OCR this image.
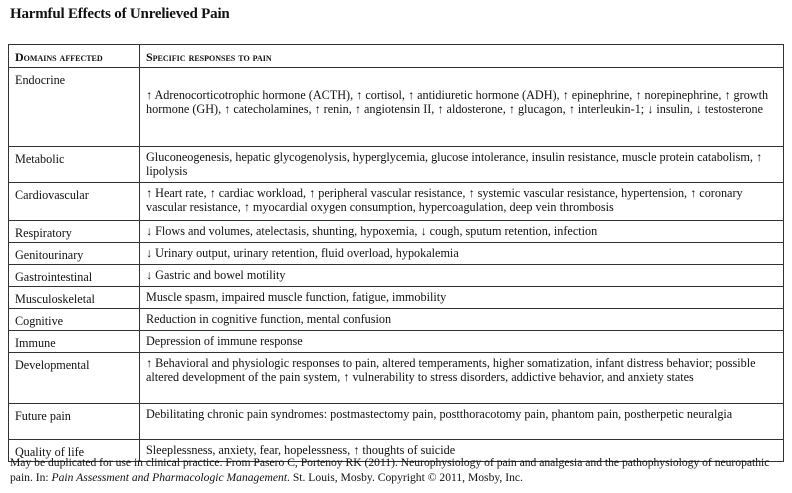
Harmful Effects of Unrelieved Pain
Domains affected	Specific responses to pain

Endocrine	↑ Adrenocorticotrophic hormone (ACTH), ↑ cortisol, ↑ antidiuretic hormone (ADH), ↑ epinephrine, ↑ norepinephrine, ↑ growth hormone (GH), ↑ catecholamines, ↑ renin, ↑ angiotensin II, ↑ aldosterone, ↑ glucagon, ↑ interleukin-1; ↓ insulin, ↓ testosterone

Metabolic	Gluconeogenesis, hepatic glycogenolysis, hyperglycemia, glucose intolerance, insulin resistance, muscle protein catabolism, ↑ lipolysis

Cardiovascular	↑ Heart rate, ↑ cardiac workload, ↑ peripheral vascular resistance, ↑ systemic vascular resistance, hypertension, ↑ coronary vascular resistance, ↑ myocardial oxygen consumption, hypercoagulation, deep vein thrombosis

Respiratory	↓ Flows and volumes, atelectasis, shunting, hypoxemia, ↓ cough, sputum retention, infection

Genitourinary	↓ Urinary output, urinary retention, fluid overload, hypokalemia

Gastrointestinal	↓ Gastric and bowel motility

Musculoskeletal	Muscle spasm, impaired muscle function, fatigue, immobility

Cognitive	Reduction in cognitive function, mental confusion

Immune	Depression of immune response

Developmental	↑ Behavioral and physiologic responses to pain, altered temperaments, higher somatization, infant distress behavior; possible altered development of the pain system, ↑ vulnerability to stress disorders, addictive behavior, and anxiety states

Future pain	Debilitating chronic pain syndromes: postmastectomy pain, postthoracotomy pain, phantom pain, postherpetic neuralgia

Quality of life	Sleeplessness, anxiety, fear, hopelessness, ↑ thoughts of suicide
May be duplicated for use in clinical practice. From Pasero C, Portenoy RK (2011). Neurophysiology of pain and analgesia and the pathophysiology of neuropathic pain. In: Pain Assessment and Pharmacologic Management. St. Louis, Mosby. Copyright © 2011, Mosby, Inc.
